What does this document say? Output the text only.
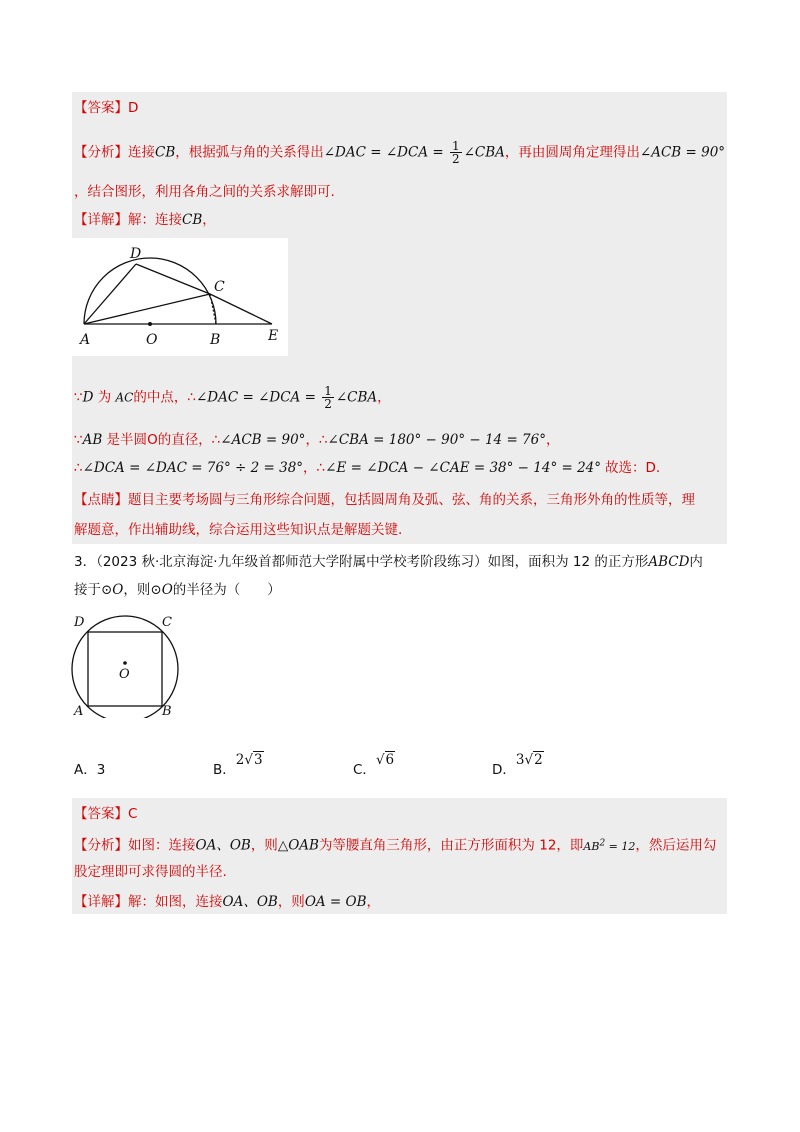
【答案】D
【分析】连接CB，根据弧与角的关系得出∠DAC = ∠DCA = $\frac{1}{2}$ ∠CBA，再由圆周角定理得出∠ACB = 90°
，结合图形，利用各角之间的关系求解即可.
【详解】解：连接CB，
D
C
A	O	B	E
∵D 为 AC的中点，∴∠DAC = ∠DCA = $\frac{1}{2}$ ∠CBA，
∵AB 是半圆O的直径，∴∠ACB = 90°，∴∠CBA = 180° − 90° − 14 = 76°，
∴∠DCA = ∠DAC = 76° ÷ 2 = 38°，∴∠E = ∠DCA − ∠CAE = 38° − 14° = 24° 故选：D.
【点睛】题目主要考场圆与三角形综合问题，包括圆周角及弧、弦、角的关系，三角形外角的性质等，理
解题意，作出辅助线，综合运用这些知识点是解题关键.
3．（2023 秋·北京海淀·九年级首都师范大学附属中学校考阶段练习）如图，面积为 12 的正方形ABCD内
接于⊙O，则⊙O的半径为（　　）
D	C
O
A	B
A．3	B．2√3
C．√6
D．3√2
【答案】C
【分析】如图：连接OA、OB，则△OAB为等腰直角三角形，由正方形面积为 12，即$AB^2 = 12$，然后运用勾
股定理即可求得圆的半径.
【详解】解：如图，连接OA、OB，则OA = OB，
